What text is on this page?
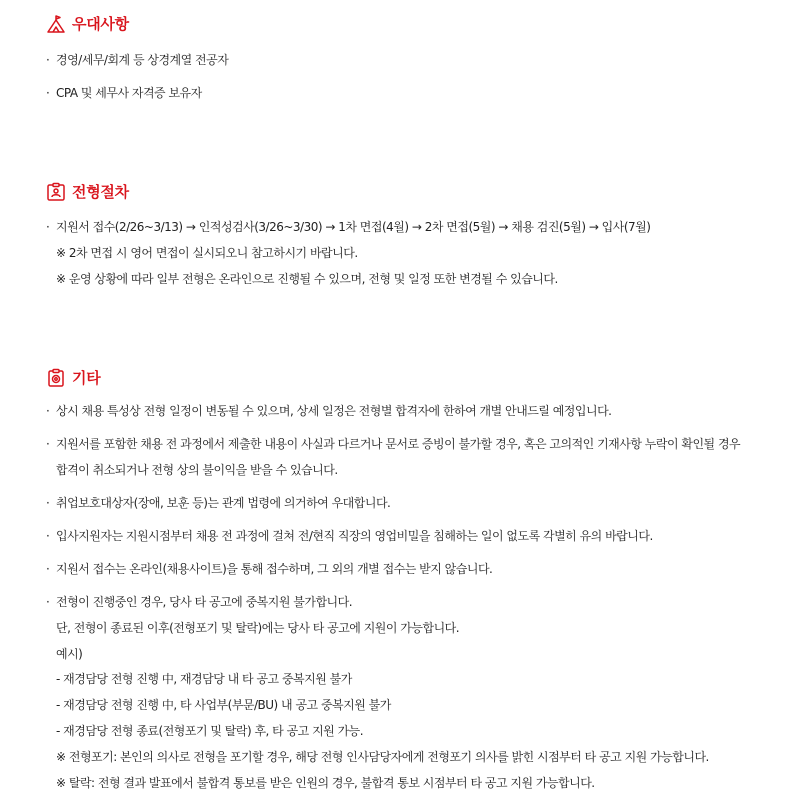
우대사항
· 경영/세무/회계 등 상경계열 전공자
· CPA 및 세무사 자격증 보유자
전형절차
· 지원서 접수(2/26~3/13) → 인적성검사(3/26~3/30) → 1차 면접(4월) → 2차 면접(5월) → 채용 검진(5월) → 입사(7월)
※ 2차 면접 시 영어 면접이 실시되오니 참고하시기 바랍니다.
※ 운영 상황에 따라 일부 전형은 온라인으로 진행될 수 있으며, 전형 및 일정 또한 변경될 수 있습니다.
기타
· 상시 채용 특성상 전형 일정이 변동될 수 있으며, 상세 일정은 전형별 합격자에 한하여 개별 안내드릴 예정입니다.
· 지원서를 포함한 채용 전 과정에서 제출한 내용이 사실과 다르거나 문서로 증빙이 불가할 경우, 혹은 고의적인 기재사항 누락이 확인될 경우
합격이 취소되거나 전형 상의 불이익을 받을 수 있습니다.
· 취업보호대상자(장애, 보훈 등)는 관계 법령에 의거하여 우대합니다.
· 입사지원자는 지원시점부터 채용 전 과정에 걸쳐 전/현직 직장의 영업비밀을 침해하는 일이 없도록 각별히 유의 바랍니다.
· 지원서 접수는 온라인(채용사이트)을 통해 접수하며, 그 외의 개별 접수는 받지 않습니다.
· 전형이 진행중인 경우, 당사 타 공고에 중복지원 불가합니다.
단, 전형이 종료된 이후(전형포기 및 탈락)에는 당사 타 공고에 지원이 가능합니다.
예시)
- 재경담당 전형 진행 中, 재경담당 내 타 공고 중복지원 불가
- 재경담당 전형 진행 中, 타 사업부(부문/BU) 내 공고 중복지원 불가
- 재경담당 전형 종료(전형포기 및 탈락) 후, 타 공고 지원 가능.
※ 전형포기: 본인의 의사로 전형을 포기할 경우, 해당 전형 인사담당자에게 전형포기 의사를 밝힌 시점부터 타 공고 지원 가능합니다.
※ 탈락: 전형 결과 발표에서 불합격 통보를 받은 인원의 경우, 불합격 통보 시점부터 타 공고 지원 가능합니다.
